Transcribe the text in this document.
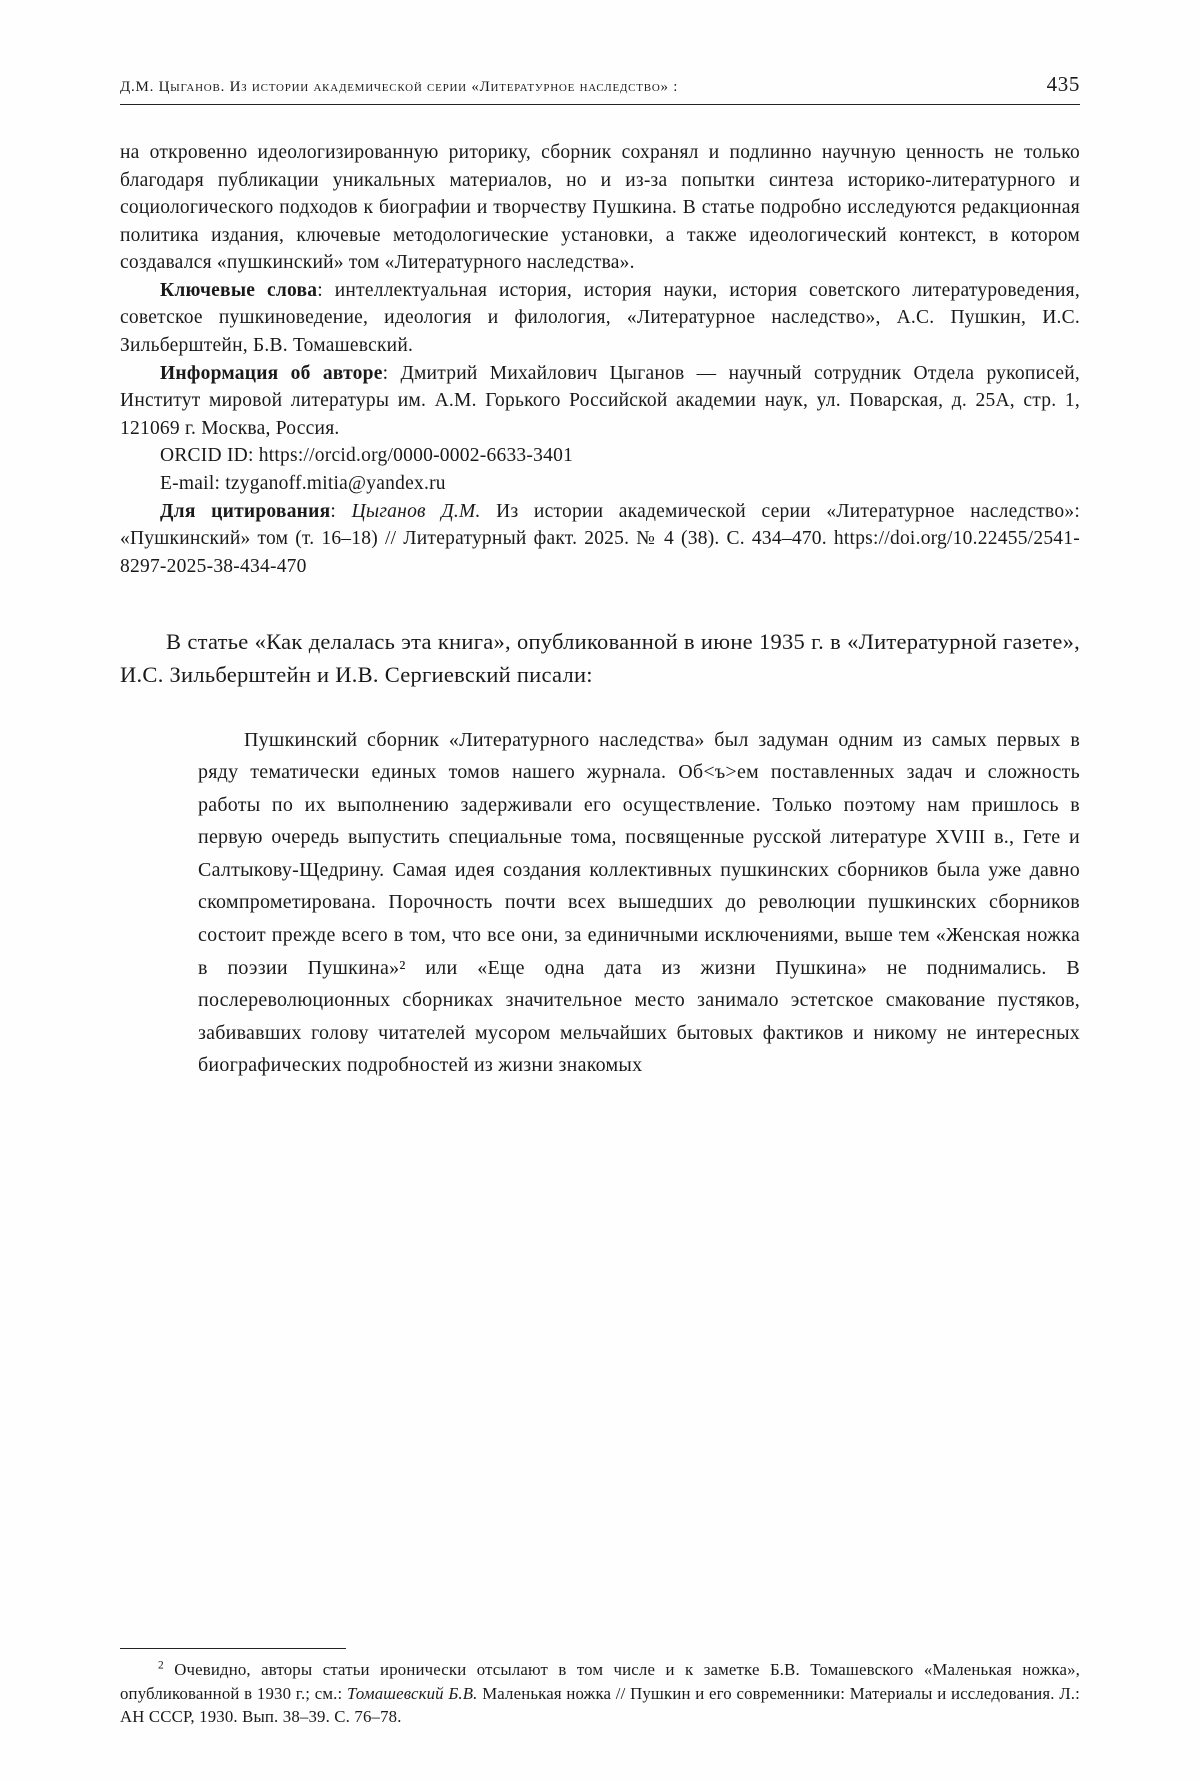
Д.М. Цыганов. Из истории академической серии «Литературное наследство» :	435

на откровенно идеологизированную риторику, сборник сохранял и подлинно научную ценность не только благодаря публикации уникальных материалов, но и из-за попытки синтеза историко-литературного и социологического подходов к биографии и творчеству Пушкина. В статье подробно исследуются редакционная политика издания, ключевые методологические установки, а также идеологический контекст, в котором создавался «пушкинский» том «Литературного наследства».

Ключевые слова: интеллектуальная история, история науки, история советского литературоведения, советское пушкиноведение, идеология и филология, «Литературное наследство», А.С. Пушкин, И.С. Зильберштейн, Б.В. Томашевский.

Информация об авторе: Дмитрий Михайлович Цыганов — научный сотрудник Отдела рукописей, Институт мировой литературы им. А.М. Горького Российской академии наук, ул. Поварская, д. 25А, стр. 1, 121069 г. Москва, Россия.

ORCID ID: https://orcid.org/0000-0002-6633-3401

E-mail: tzyganoff.mitia@yandex.ru

Для цитирования: Цыганов Д.М. Из истории академической серии «Литературное наследство»: «Пушкинский» том (т. 16–18) // Литературный факт. 2025. № 4 (38). С. 434–470. https://doi.org/10.22455/2541-8297-2025-38-434-470

В статье «Как делалась эта книга», опубликованной в июне 1935 г. в «Литературной газете», И.С. Зильберштейн и И.В. Сергиевский писали:

Пушкинский сборник «Литературного наследства» был задуман одним из самых первых в ряду тематически единых томов нашего журнала. Об<ъ>ем поставленных задач и сложность работы по их выполнению задерживали его осуществление. Только поэтому нам пришлось в первую очередь выпустить специальные тома, посвященные русской литературе XVIII в., Гете и Салтыкову-Щедрину. Самая идея создания коллективных пушкинских сборников была уже давно скомпрометирована. Порочность почти всех вышедших до революции пушкинских сборников состоит прежде всего в том, что все они, за единичными исключениями, выше тем «Женская ножка в поэзии Пушкина»² или «Еще одна дата из жизни Пушкина» не поднимались. В послереволюционных сборниках значительное место занимало эстетское смакование пустяков, забивавших голову читателей мусором мельчайших бытовых фактиков и никому не интересных биографических подробностей из жизни знакомых

$^2$ Очевидно, авторы статьи иронически отсылают в том числе и к заметке Б.В. Томашевского «Маленькая ножка», опубликованной в 1930 г.; см.: Томашевский Б.В. Маленькая ножка // Пушкин и его современники: Материалы и исследования. Л.: АН СССР, 1930. Вып. 38–39. С. 76–78.
